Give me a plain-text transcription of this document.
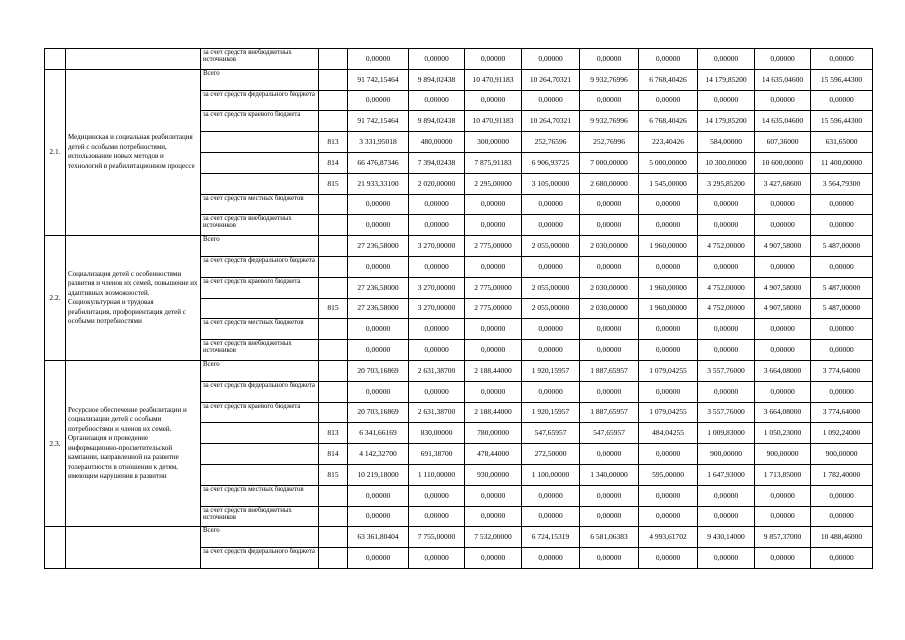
		за счет средств внебюджетных источников		0,00000	0,00000	0,00000	0,00000	0,00000	0,00000	0,00000	0,00000	0,00000
2.1.	Медицинская и социальная реабилитация детей с особыми потребностями, использование новых методов и технологий в реабилитационном процессе	Всего		91 742,15464	9 894,02438	10 470,91183	10 264,70321	9 932,76996	6 768,40426	14 179,85200	14 635,04600	15 596,44300
		за счет средств федерального бюджета		0,00000	0,00000	0,00000	0,00000	0,00000	0,00000	0,00000	0,00000	0,00000
		за счет средств краевого бюджета		91 742,15464	9 894,02438	10 470,91183	10 264,70321	9 932,76996	6 768,40426	14 179,85200	14 635,04600	15 596,44300
			813	3 331,95018	480,00000	300,00000	252,76596	252,76996	223,40426	584,00000	607,36000	631,65000
			814	66 476,87346	7 394,02438	7 875,91183	6 906,93725	7 000,00000	5 000,00000	10 300,00000	10 600,00000	11 400,00000
			815	21 933,33100	2 020,00000	2 295,00000	3 105,00000	2 680,00000	1 545,00000	3 295,85200	3 427,68600	3 564,79300
		за счет средств местных бюджетов		0,00000	0,00000	0,00000	0,00000	0,00000	0,00000	0,00000	0,00000	0,00000
		за счет средств внебюджетных источников		0,00000	0,00000	0,00000	0,00000	0,00000	0,00000	0,00000	0,00000	0,00000
2.2.	Социализация детей с особенностями развития и членов их семей, повышение их адаптивных возможностей. Социокультурная и трудовая реабилитация, профориентация детей с особыми потребностями	Всего		27 236,58000	3 270,00000	2 775,00000	2 055,00000	2 030,00000	1 960,00000	4 752,00000	4 907,58000	5 487,00000
		за счет средств федерального бюджета		0,00000	0,00000	0,00000	0,00000	0,00000	0,00000	0,00000	0,00000	0,00000
		за счет средств краевого бюджета		27 236,58000	3 270,00000	2 775,00000	2 055,00000	2 030,00000	1 960,00000	4 752,00000	4 907,58000	5 487,00000
			815	27 236,58000	3 270,00000	2 775,00000	2 055,00000	2 030,00000	1 960,00000	4 752,00000	4 907,58000	5 487,00000
		за счет средств местных бюджетов		0,00000	0,00000	0,00000	0,00000	0,00000	0,00000	0,00000	0,00000	0,00000
		за счет средств внебюджетных источников		0,00000	0,00000	0,00000	0,00000	0,00000	0,00000	0,00000	0,00000	0,00000
2.3.	Ресурсное обеспечение реабилитации и социализации детей с особыми потребностями и членов их семей. Организация и проведение информационно-просветительской кампании, направленной на развитие толерантности в отношении к детям, имеющим нарушения в развитии	Всего		20 703,16869	2 631,38700	2 188,44000	1 920,15957	1 887,65957	1 079,04255	3 557,76000	3 664,08000	3 774,64000
		за счет средств федерального бюджета		0,00000	0,00000	0,00000	0,00000	0,00000	0,00000	0,00000	0,00000	0,00000
		за счет средств краевого бюджета		20 703,16869	2 631,38700	2 188,44000	1 920,15957	1 887,65957	1 079,04255	3 557,76000	3 664,08000	3 774,64000
			813	6 341,66169	830,00000	780,00000	547,65957	547,65957	484,04255	1 009,83000	1 050,23000	1 092,24000
			814	4 142,32700	691,38700	478,44000	272,50000	0,00000	0,00000	900,00000	900,00000	900,00000
			815	10 219,18000	1 110,00000	930,00000	1 100,00000	1 340,00000	595,00000	1 647,93000	1 713,85000	1 782,40000
		за счет средств местных бюджетов		0,00000	0,00000	0,00000	0,00000	0,00000	0,00000	0,00000	0,00000	0,00000
		за счет средств внебюджетных источников		0,00000	0,00000	0,00000	0,00000	0,00000	0,00000	0,00000	0,00000	0,00000
		Всего		63 361,80404	7 755,00000	7 532,00000	6 724,15319	6 581,06383	4 993,61702	9 430,14000	9 857,37000	10 488,46000
		за счет средств федерального бюджета		0,00000	0,00000	0,00000	0,00000	0,00000	0,00000	0,00000	0,00000	0,00000
